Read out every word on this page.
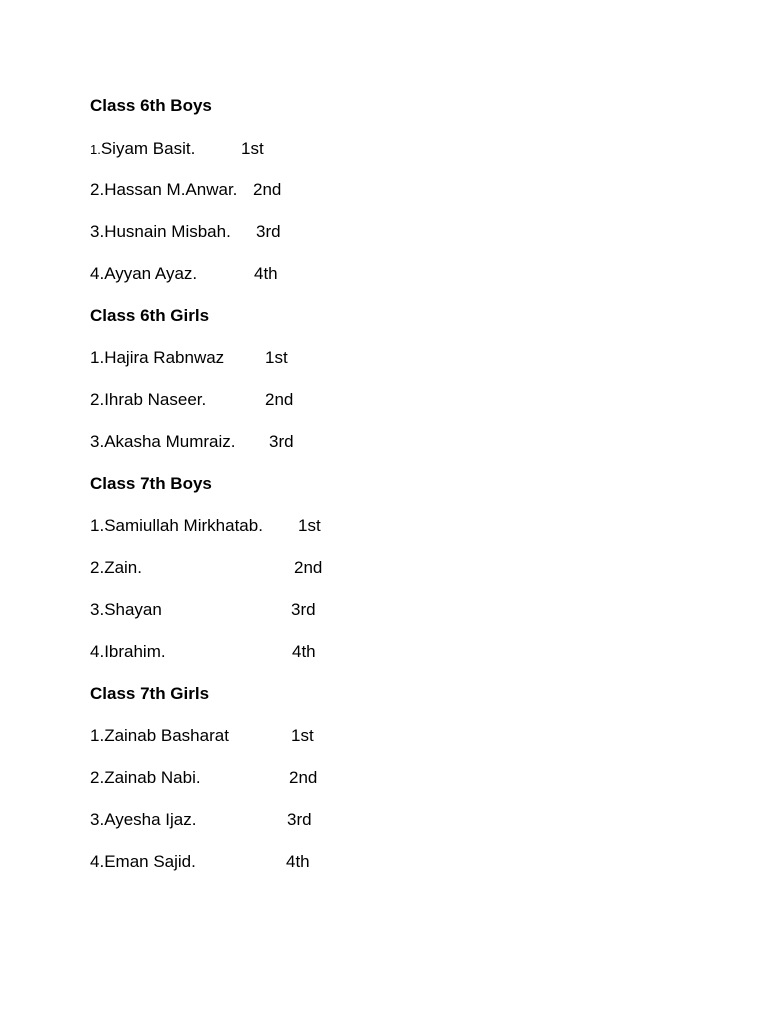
Class 6th Boys
1.Siyam Basit.	1st
2.Hassan M.Anwar. 2nd
3.Husnain Misbah. 3rd
4.Ayyan Ayaz.	4th
Class 6th Girls
1.Hajira Rabnwaz 1st
2.Ihrab Naseer.	2nd
3.Akasha Mumraiz. 3rd
Class 7th Boys
1.Samiullah Mirkhatab. 1st
2.Zain.	2nd
3.Shayan	3rd
4.Ibrahim.	4th
Class 7th Girls
1.Zainab Basharat	1st
2.Zainab Nabi.	2nd
3.Ayesha Ijaz.	3rd
4.Eman Sajid.	4th
